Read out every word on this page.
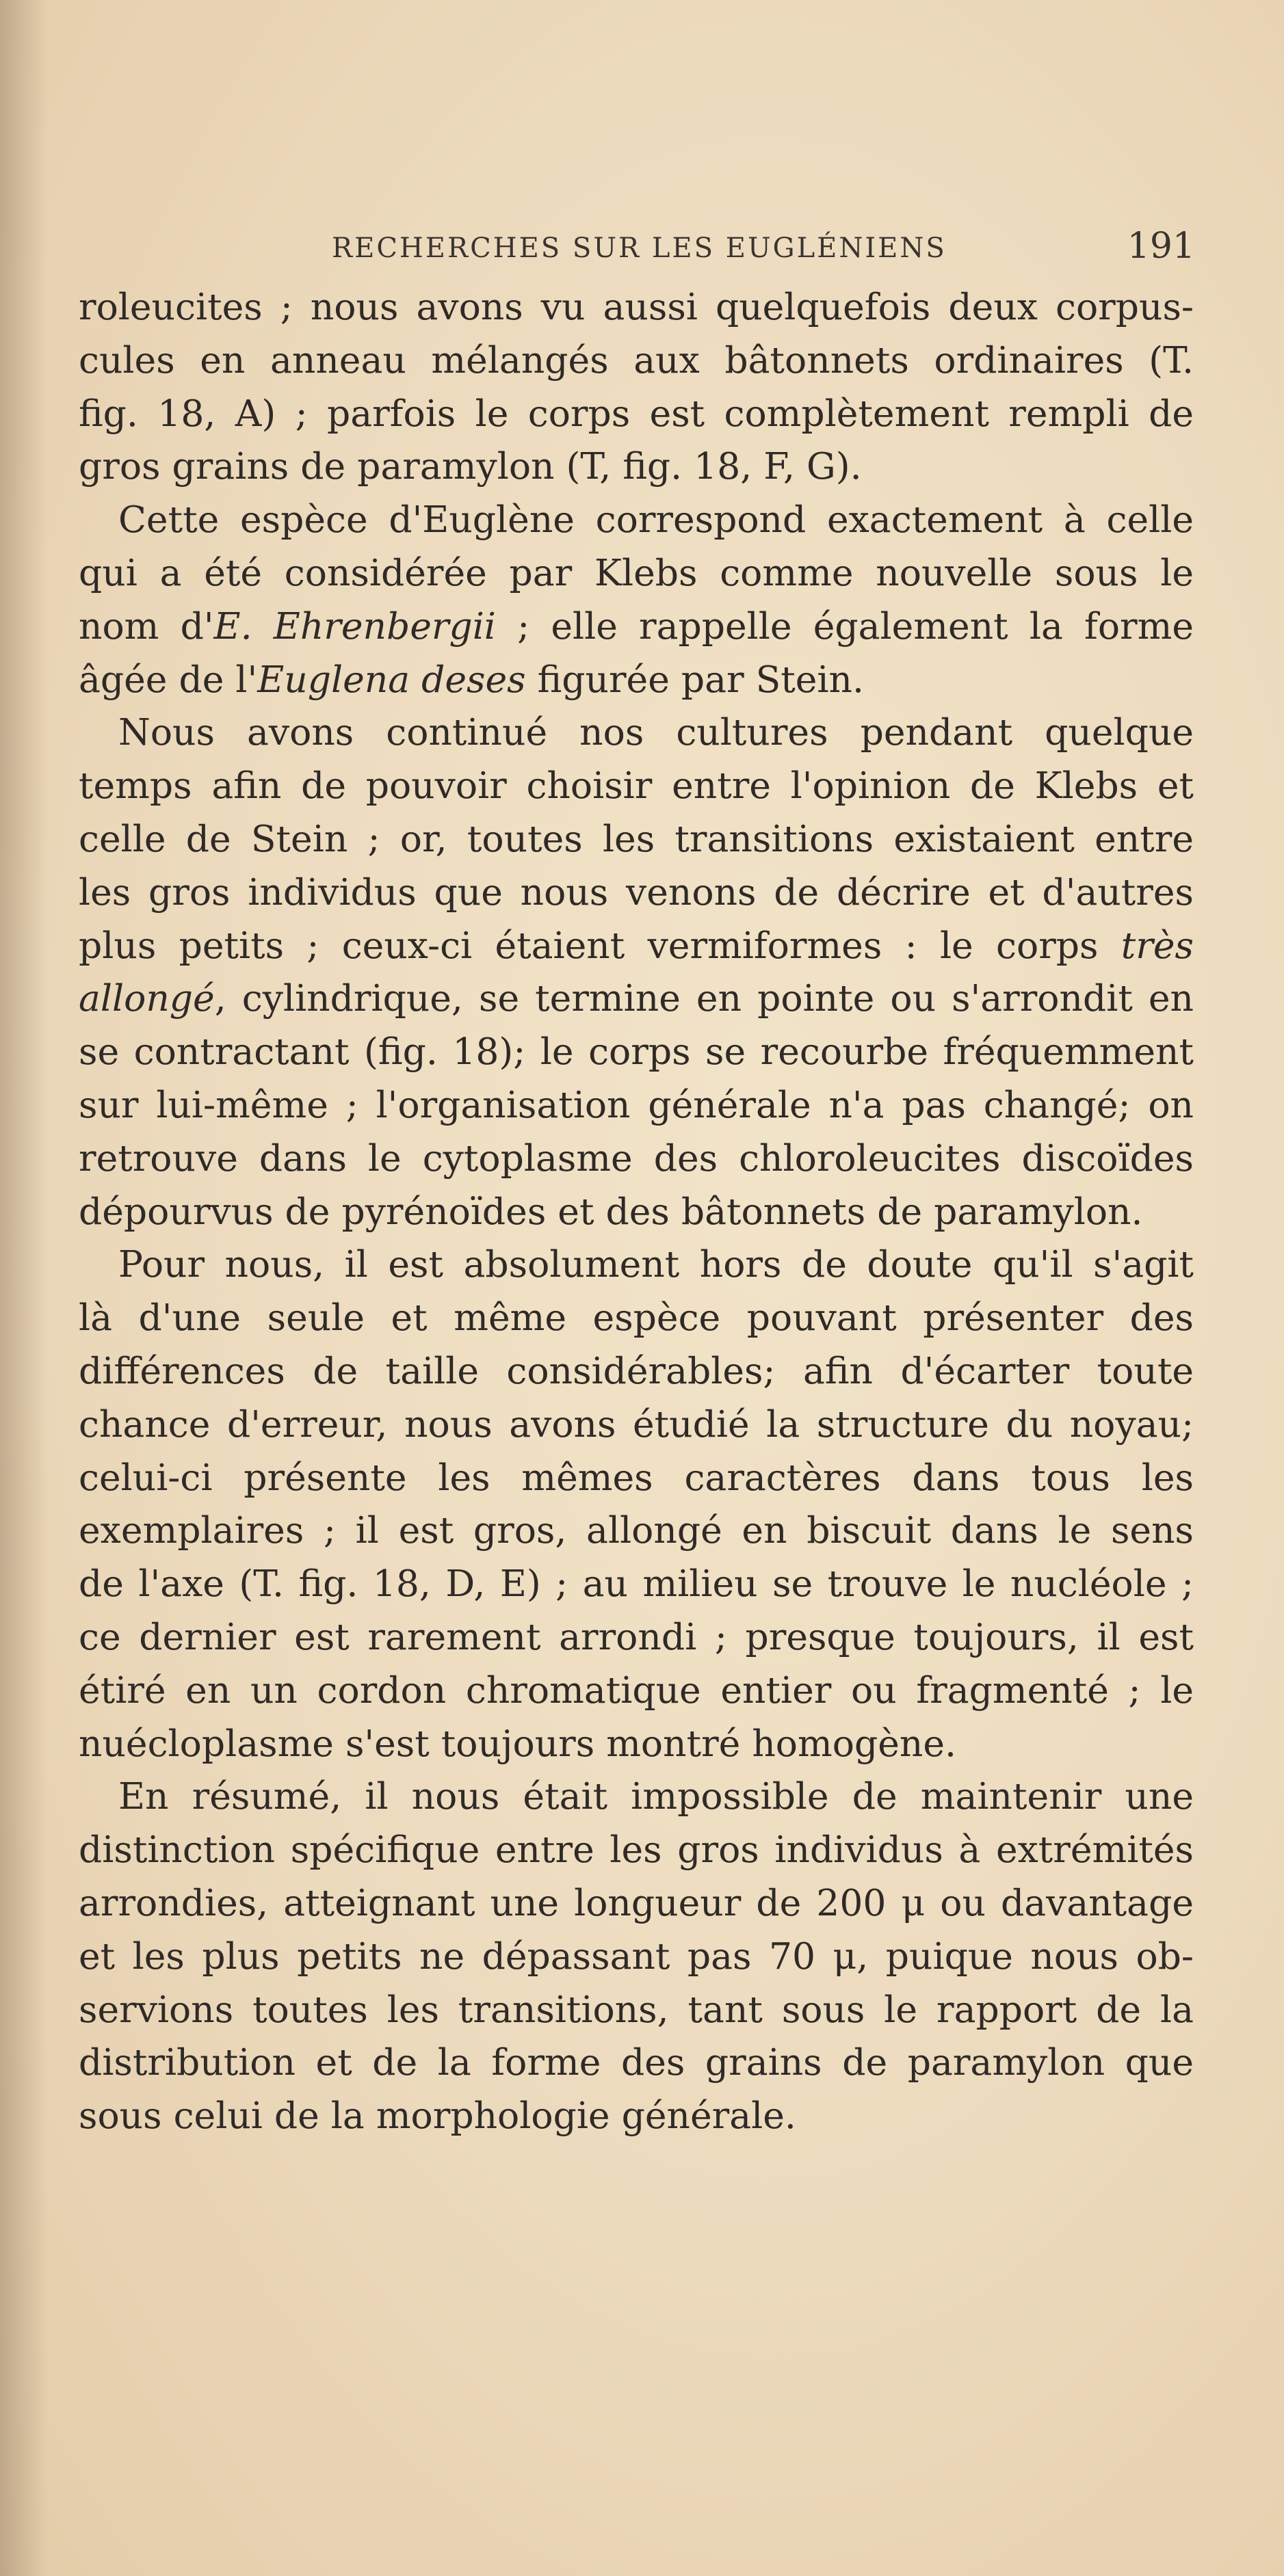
RECHERCHES SUR LES EUGLÉNIENS	191
roleucites ; nous avons vu aussi quelquefois deux corpus-
cules en anneau mélangés aux bâtonnets ordinaires (T.
fig. 18, A) ; parfois le corps est complètement rempli de
gros grains de paramylon (T, fig. 18, F, G).
Cette espèce d'Euglène correspond exactement à celle
qui a été considérée par Klebs comme nouvelle sous le
nom d'E. Ehrenbergii ; elle rappelle également la forme
âgée de l'Euglena deses figurée par Stein.
Nous avons continué nos cultures pendant quelque
temps afin de pouvoir choisir entre l'opinion de Klebs et
celle de Stein ; or, toutes les transitions existaient entre
les gros individus que nous venons de décrire et d'autres
plus petits ; ceux-ci étaient vermiformes : le corps très
allongé, cylindrique, se termine en pointe ou s'arrondit en
se contractant (fig. 18); le corps se recourbe fréquemment
sur lui-même ; l'organisation générale n'a pas changé; on
retrouve dans le cytoplasme des chloroleucites discoïdes
dépourvus de pyrénoïdes et des bâtonnets de paramylon.
Pour nous, il est absolument hors de doute qu'il s'agit
là d'une seule et même espèce pouvant présenter des
différences de taille considérables; afin d'écarter toute
chance d'erreur, nous avons étudié la structure du noyau;
celui-ci présente les mêmes caractères dans tous les
exemplaires ; il est gros, allongé en biscuit dans le sens
de l'axe (T. fig. 18, D, E) ; au milieu se trouve le nucléole ;
ce dernier est rarement arrondi ; presque toujours, il est
étiré en un cordon chromatique entier ou fragmenté ; le
nuécloplasme s'est toujours montré homogène.
En résumé, il nous était impossible de maintenir une
distinction spécifique entre les gros individus à extrémités
arrondies, atteignant une longueur de 200 μ ou davantage
et les plus petits ne dépassant pas 70 μ, puique nous ob-
servions toutes les transitions, tant sous le rapport de la
distribution et de la forme des grains de paramylon que
sous celui de la morphologie générale.
